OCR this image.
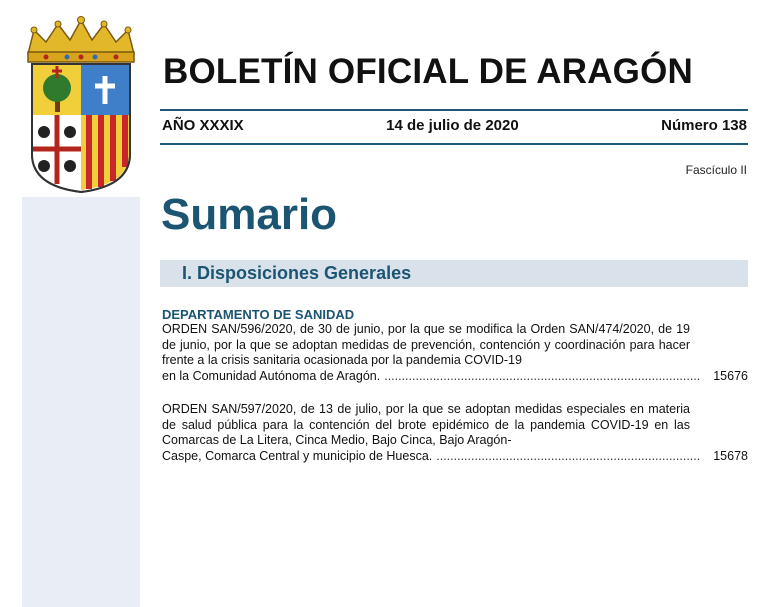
BOLETÍN OFICIAL DE ARAGÓN
AÑO XXXIX	14 de julio de 2020	Número 138
Fascículo II
Sumario
I. Disposiciones Generales
DEPARTAMENTO DE SANIDAD
ORDEN SAN/596/2020, de 30 de junio, por la que se modifica la Orden SAN/474/2020, de 19 de junio, por la que se adoptan medidas de prevención, contención y coordinación para hacer frente a la crisis sanitaria ocasionada por la pandemia COVID-19
en la Comunidad Autónoma de Aragón. .....	15676
ORDEN SAN/597/2020, de 13 de julio, por la que se adoptan medidas especiales en materia de salud pública para la contención del brote epidémico de la pandemia COVID-19 en las Comarcas de La Litera, Cinca Medio, Bajo Cinca, Bajo Aragón-
Caspe, Comarca Central y municipio de Huesca. .....	15678
